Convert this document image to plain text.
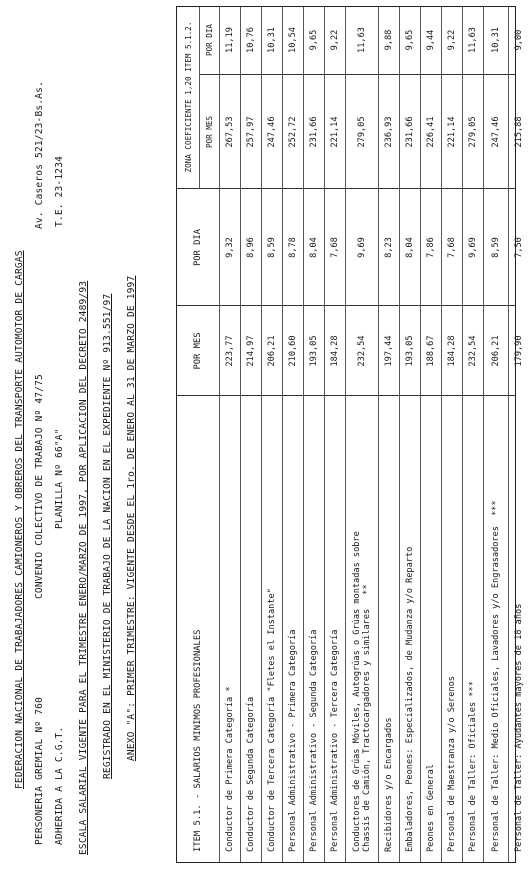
FEDERACION NACIONAL DE TRABAJADORES CAMIONEROS Y OBREROS DEL TRANSPORTE AUTOMOTOR DE CARGAS PERSONERIA GREMIAL Nº 760
CONVENIO COLECTIVO DE TRABAJO Nº 47/75
Av. Caseros 521/23-Bs.As.
ADHERIDA A LA C.G.T.
PLANILLA Nº 66"A"
T.E. 23-1234
ESCALA SALARIAL VIGENTE PARA EL TRIMESTRE ENERO/MARZO DE 1997, POR APLICACION DEL DECRETO 2489/93 REGISTRADO EN EL MINISTERIO DE TRABAJO DE LA NACION EN EL EXPEDIENTE Nº 913.551/97 ANEXO "A": PRIMER TRIMESTRE: VIGENTE DESDE EL 1ro. DE ENERO AL 31 DE MARZO DE 1997	ITEM 5.1. - SALARIOS MINIMOS PROFESIONALES
POR MES
POR DIA
ZONA COEFICIENTE 1,20 ITEM 5.1.2.	POR MES
POR DIA
Conductor de Primera Categoría *
223,77
9,32
267,53
11,19
Conductor de Segunda Categoría
214,97
8,96
257,97
10,76
Conductor de Tercera Categoría "Fletes el Instante"
206,21
8,59
247,46
10,31
Personal Administrativo - Primera Categoría
210,60
8,78
252,72
10,54
Personal Administrativo - Segunda Categoría
193,05
8,04
231,66
9,65
Personal Administrativo - Tercera Categoría
184,28
7,68
221,14
9,22
Conductores de Grúas Móviles, Autogrúas o Grúas montadas sobre Chassis de Camión, Tractocargadores y similares**
232,54
9,69
279,05
11,63
Recibidores y/o Encargados
197,44
8,23
236,93
9,88
Embaladores, Peones: Especializados, de Mudanza y/o Reparto
193,05
8,04
231,66
9,65
Peones en General
188,67
7,86
226,41
9,44
Personal de Maestranza y/o Serenos
184,28
7,68
221,14
9,22
Personal de Taller: Oficiales ***
232,54
9,69
279,05
11,63
Personal de Taller: Medio Oficiales, Lavadores y/o Engrasadores***
206,21
8,59
247,46
10,31
Personal de Taller: Ayudantes mayores de 18 años
179,90
7,50
215,88
9,00
